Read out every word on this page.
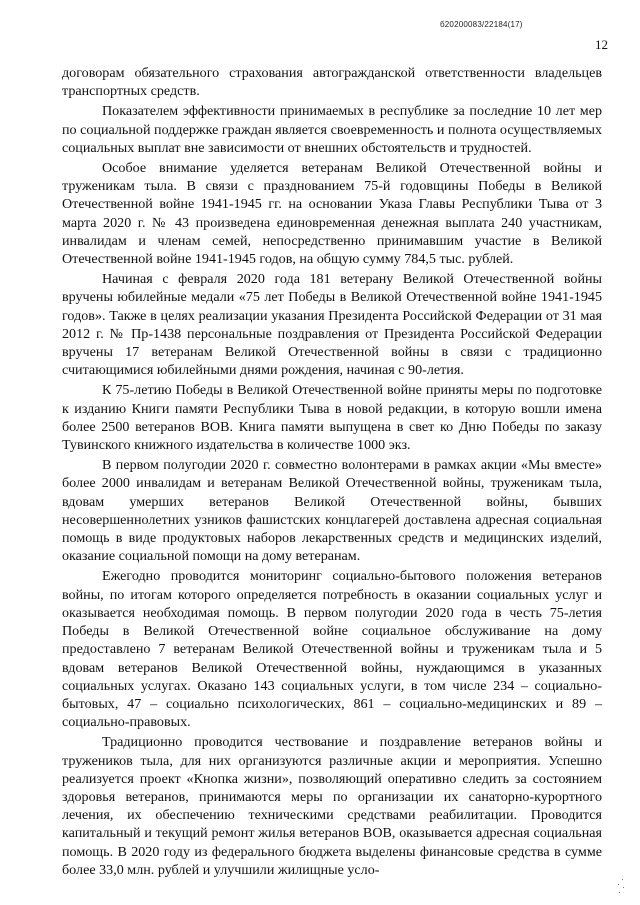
б20200083/22184(17)
12

договорам обязательного страхования автогражданской ответственности владельцев транспортных средств.

Показателем эффективности принимаемых в республике за последние 10 лет мер по социальной поддержке граждан является своевременность и полнота осуществляемых социальных выплат вне зависимости от внешних обстоятельств и трудностей.

Особое внимание уделяется ветеранам Великой Отечественной войны и труженикам тыла. В связи с празднованием 75-й годовщины Победы в Великой Отечественной войне 1941-1945 гг. на основании Указа Главы Республики Тыва от 3 марта 2020 г. № 43 произведена единовременная денежная выплата 240 участникам, инвалидам и членам семей, непосредственно принимавшим участие в Великой Отечественной войне 1941-1945 годов, на общую сумму 784,5 тыс. рублей.

Начиная с февраля 2020 года 181 ветерану Великой Отечественной войны вручены юбилейные медали «75 лет Победы в Великой Отечественной войне 1941-1945 годов». Также в целях реализации указания Президента Российской Федерации от 31 мая 2012 г. № Пр-1438 персональные поздравления от Президента Российской Федерации вручены 17 ветеранам Великой Отечественной войны в связи с традиционно считающимися юбилейными днями рождения, начиная с 90-летия.

К 75-летию Победы в Великой Отечественной войне приняты меры по подготовке к изданию Книги памяти Республики Тыва в новой редакции, в которую вошли имена более 2500 ветеранов ВОВ. Книга памяти выпущена в свет ко Дню Победы по заказу Тувинского книжного издательства в количестве 1000 экз.

В первом полугодии 2020 г. совместно волонтерами в рамках акции «Мы вместе» более 2000 инвалидам и ветеранам Великой Отечественной войны, труженикам тыла, вдовам умерших ветеранов Великой Отечественной войны, бывших несовершеннолетних узников фашистских концлагерей доставлена адресная социальная помощь в виде продуктовых наборов лекарственных средств и медицинских изделий, оказание социальной помощи на дому ветеранам.

Ежегодно проводится мониторинг социально-бытового положения ветеранов войны, по итогам которого определяется потребность в оказании социальных услуг и оказывается необходимая помощь. В первом полугодии 2020 года в честь 75-летия Победы в Великой Отечественной войне социальное обслуживание на дому предоставлено 7 ветеранам Великой Отечественной войны и труженикам тыла и 5 вдовам ветеранов Великой Отечественной войны, нуждающимся в указанных социальных услугах. Оказано 143 социальных услуги, в том числе 234 – социально-бытовых, 47 – социально психологических, 861 – социально-медицинских и 89 – социально-правовых.

Традиционно проводится чествование и поздравление ветеранов войны и тружеников тыла, для них организуются различные акции и мероприятия. Успешно реализуется проект «Кнопка жизни», позволяющий оперативно следить за состоянием здоровья ветеранов, принимаются меры по организации их санаторно-курортного лечения, их обеспечению техническими средствами реабилитации. Проводится капитальный и текущий ремонт жилья ветеранов ВОВ, оказывается адресная социальная помощь. В 2020 году из федерального бюджета выделены финансовые средства в сумме более 33,0 млн. рублей и улучшили жилищные усло-
